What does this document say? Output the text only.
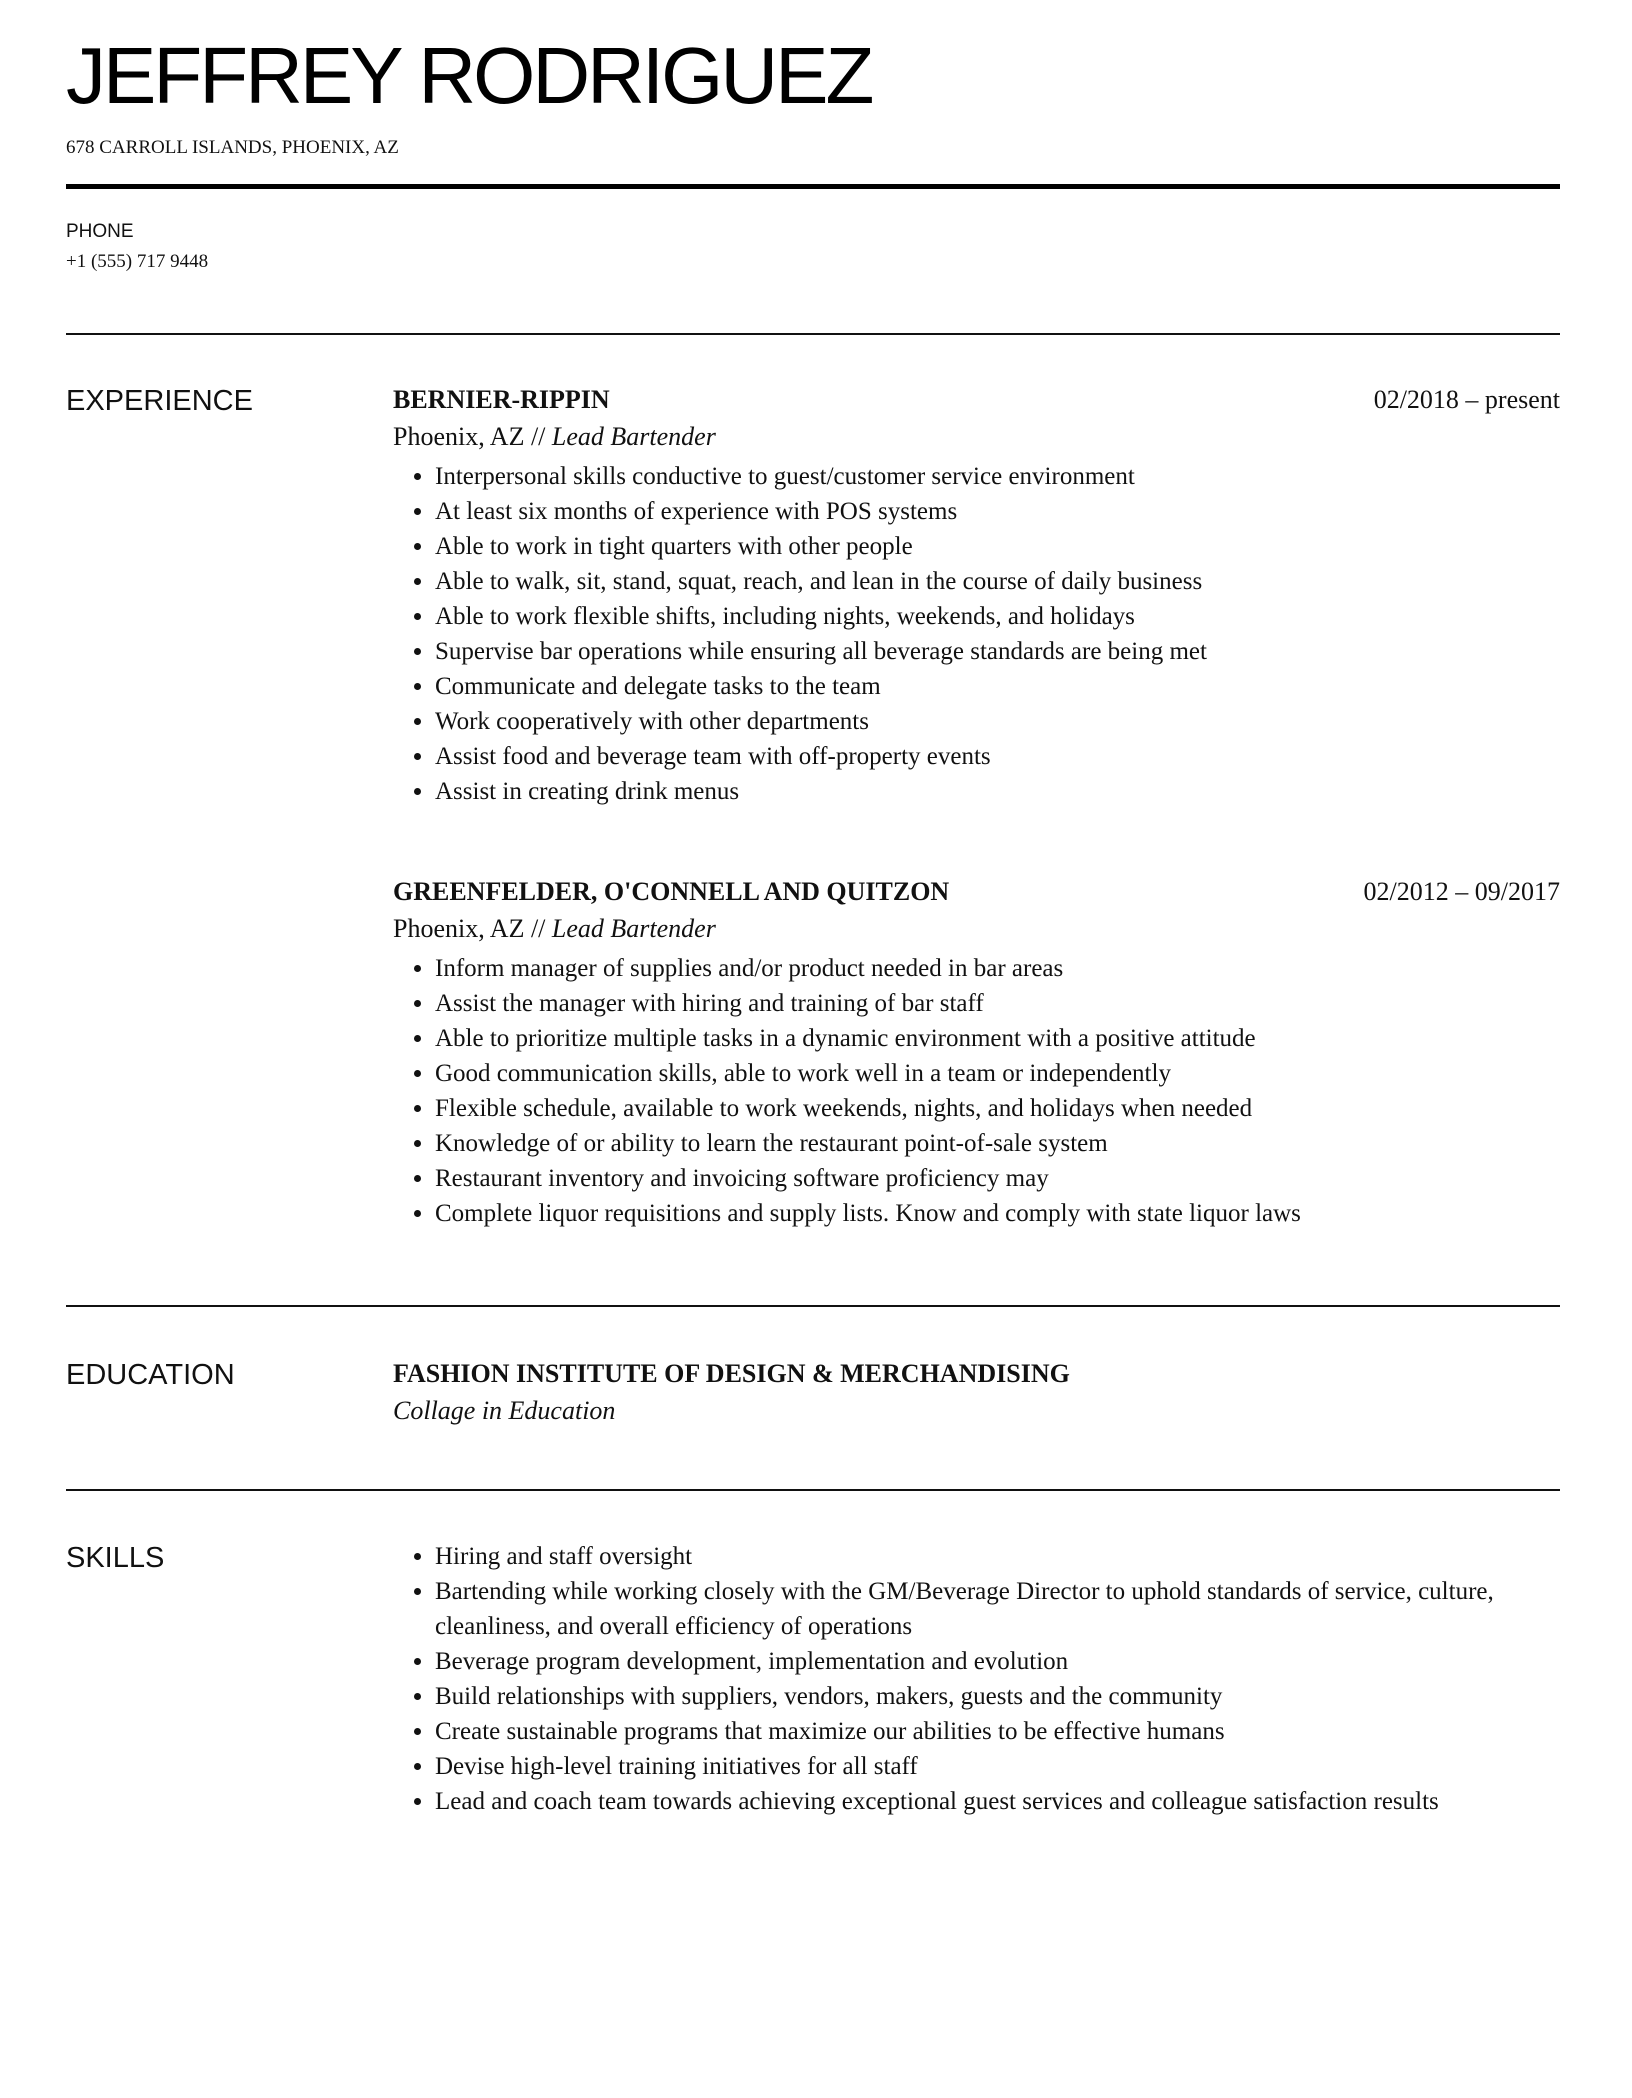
JEFFREY RODRIGUEZ
678 CARROLL ISLANDS, PHOENIX, AZ
PHONE
+1 (555) 717 9448
EXPERIENCE	BERNIER-RIPPIN	02/2018 – present
Phoenix, AZ // Lead Bartender
• Interpersonal skills conductive to guest/customer service environment
• At least six months of experience with POS systems
• Able to work in tight quarters with other people
• Able to walk, sit, stand, squat, reach, and lean in the course of daily business
• Able to work flexible shifts, including nights, weekends, and holidays
• Supervise bar operations while ensuring all beverage standards are being met
• Communicate and delegate tasks to the team
• Work cooperatively with other departments
• Assist food and beverage team with off-property events
• Assist in creating drink menus
GREENFELDER, O'CONNELL AND QUITZON	02/2012 – 09/2017
Phoenix, AZ // Lead Bartender
• Inform manager of supplies and/or product needed in bar areas
• Assist the manager with hiring and training of bar staff
• Able to prioritize multiple tasks in a dynamic environment with a positive attitude
• Good communication skills, able to work well in a team or independently
• Flexible schedule, available to work weekends, nights, and holidays when needed
• Knowledge of or ability to learn the restaurant point-of-sale system
• Restaurant inventory and invoicing software proficiency may
• Complete liquor requisitions and supply lists. Know and comply with state liquor laws
EDUCATION	FASHION INSTITUTE OF DESIGN & MERCHANDISING
Collage in Education
SKILLS	• Hiring and staff oversight
• Bartending while working closely with the GM/Beverage Director to uphold standards of service, culture, cleanliness, and overall efficiency of operations
• Beverage program development, implementation and evolution
• Build relationships with suppliers, vendors, makers, guests and the community
• Create sustainable programs that maximize our abilities to be effective humans
• Devise high-level training initiatives for all staff
• Lead and coach team towards achieving exceptional guest services and colleague satisfaction results
